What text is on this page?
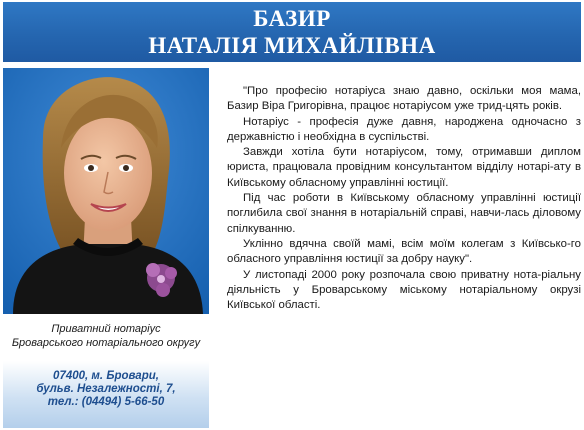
БАЗИР
НАТАЛІЯ МИХАЙЛІВНА
Приватний нотаріус
Броварського нотаріального округу
07400, м. Бровари,
бульв. Незалежності, 7,
тел.: (04494) 5-66-50

"Про професію нотаріуса знаю давно, оскільки моя мама, Базир Віра Григорівна, працює нотаріусом уже трид-цять років.

Нотаріус - професія дуже давня, народжена одночасно з державністю і необхідна в суспільстві.

Завжди хотіла бути нотаріусом, тому, отримавши диплом юриста, працювала провідним консультантом відділу нотарі-ату в Київському обласному управлінні юстиції.

Під час роботи в Київському обласному управлінні юстиції поглибила свої знання в нотаріальній справі, навчи-лась діловому спілкуванню.

Уклінно вдячна своїй мамі, всім моїм колегам з Київсько-го обласного управління юстиції за добру науку".

У листопаді 2000 року розпочала свою приватну нота-ріальну діяльність у Броварському міському нотаріальному окрузі Київської області.
